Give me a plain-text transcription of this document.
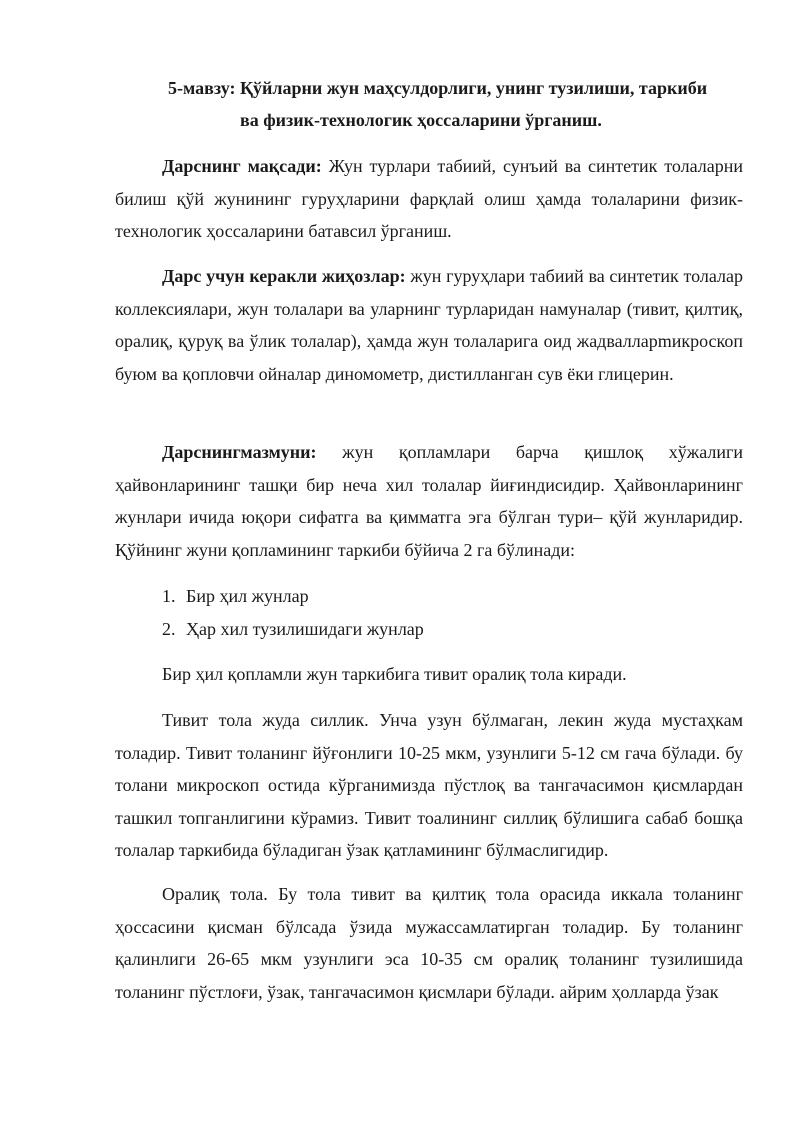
5-мавзу: Қўйларни жун маҳсулдорлиги, унинг тузилиши, таркиби
ва физик-технологик ҳоссаларини ўрганиш.

Дарснинг мақсади: Жун турлари табиий, сунъий ва синтетик толаларни билиш қўй жунининг гуруҳларини фарқлай олиш ҳамда толаларини физик-технологик ҳоссаларини батавсил ўрганиш.

Дарс учун керакли жиҳозлар: жун гуруҳлари табиий ва синтетик толалар коллексиялари, жун толалари ва уларнинг турларидан намуналар (тивит, қилтиқ, оралиқ, қуруқ ва ўлик толалар), ҳамда жун толаларига оид жадвалларmикроскоп буюм ва қопловчи ойналар диномометр, дистилланган сув ёки глицерин.

Дарснингмазмуни: жун қопламлари барча қишлоқ хўжалиги ҳайвонларининг ташқи бир неча хил толалар йиғиндисидир. Ҳайвонларининг жунлари ичида юқори сифатга ва қимматга эга бўлган тури– қўй жунларидир. Қўйнинг жуни қопламининг таркиби бўйича 2 га бўлинади:

1. Бир ҳил жунлар
2. Ҳар хил тузилишидаги жунлар

Бир ҳил қопламли жун таркибига тивит оралиқ тола киради.

Тивит тола жуда силлик. Унча узун бўлмаган, лекин жуда мустаҳкам толадир. Тивит толанинг йўғонлиги 10-25 мкм, узунлиги 5-12 см гача бўлади. бу толани микроскоп остида кўрганимизда пўстлоқ ва тангачасимон қисмлардан ташкил топганлигини кўрамиз. Тивит тоалининг силлиқ бўлишига сабаб бошқа толалар таркибида бўладиган ўзак қатламининг бўлмаслигидир.

Оралиқ тола. Бу тола тивит ва қилтиқ тола орасида иккала толанинг ҳоссасини қисман бўлсада ўзида мужассамлатирган толадир. Бу толанинг қалинлиги 26-65 мкм узунлиги эса 10-35 см оралиқ толанинг тузилишида толанинг пўстлоғи, ўзак, тангачасимон қисмлари бўлади. айрим ҳолларда ўзак
